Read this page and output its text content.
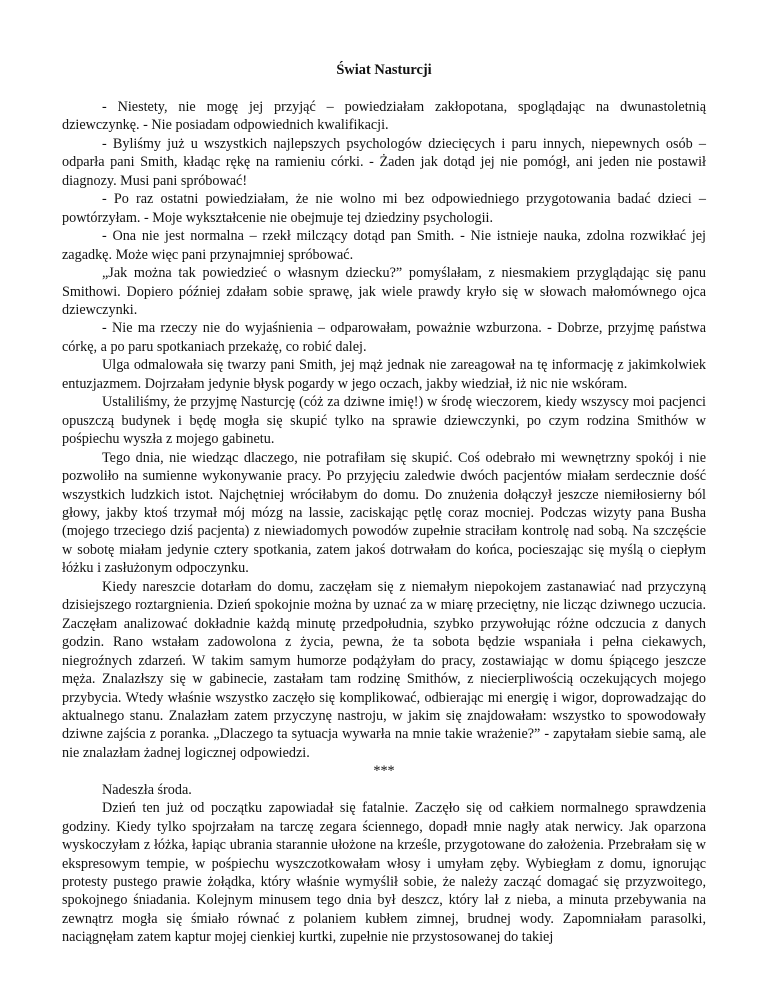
Świat Nasturcji

- Niestety, nie mogę jej przyjąć – powiedziałam zakłopotana, spoglądając na dwunastoletnią dziewczynkę. - Nie posiadam odpowiednich kwalifikacji.

- Byliśmy już u wszystkich najlepszych psychologów dziecięcych i paru innych, niepewnych osób – odparła pani Smith, kładąc rękę na ramieniu córki. - Żaden jak dotąd jej nie pomógł, ani jeden nie postawił diagnozy. Musi pani spróbować!

- Po raz ostatni powiedziałam, że nie wolno mi bez odpowiedniego przygotowania badać dzieci – powtórzyłam. - Moje wykształcenie nie obejmuje tej dziedziny psychologii.

- Ona nie jest normalna – rzekł milczący dotąd pan Smith. - Nie istnieje nauka, zdolna rozwikłać jej zagadkę. Może więc pani przynajmniej spróbować.

„Jak można tak powiedzieć o własnym dziecku?” pomyślałam, z niesmakiem przyglądając się panu Smithowi. Dopiero później zdałam sobie sprawę, jak wiele prawdy kryło się w słowach małomównego ojca dziewczynki.

- Nie ma rzeczy nie do wyjaśnienia – odparowałam, poważnie wzburzona. - Dobrze, przyjmę państwa córkę, a po paru spotkaniach przekażę, co robić dalej.

Ulga odmalowała się twarzy pani Smith, jej mąż jednak nie zareagował na tę informację z jakimkolwiek entuzjazmem. Dojrzałam jedynie błysk pogardy w jego oczach, jakby wiedział, iż nic nie wskóram.

Ustaliliśmy, że przyjmę Nasturcję (cóż za dziwne imię!) w środę wieczorem, kiedy wszyscy moi pacjenci opuszczą budynek i będę mogła się skupić tylko na sprawie dziewczynki, po czym rodzina Smithów w pośpiechu wyszła z mojego gabinetu.

Tego dnia, nie wiedząc dlaczego, nie potrafiłam się skupić. Coś odebrało mi wewnętrzny spokój i nie pozwoliło na sumienne wykonywanie pracy. Po przyjęciu zaledwie dwóch pacjentów miałam serdecznie dość wszystkich ludzkich istot. Najchętniej wróciłabym do domu. Do znużenia dołączył jeszcze niemiłosierny ból głowy, jakby ktoś trzymał mój mózg na lassie, zaciskając pętlę coraz mocniej. Podczas wizyty pana Busha (mojego trzeciego dziś pacjenta) z niewiadomych powodów zupełnie straciłam kontrolę nad sobą. Na szczęście w sobotę miałam jedynie cztery spotkania, zatem jakoś dotrwałam do końca, pocieszając się myślą o ciepłym łóżku i zasłużonym odpoczynku.

Kiedy nareszcie dotarłam do domu, zaczęłam się z niemałym niepokojem zastanawiać nad przyczyną dzisiejszego roztargnienia. Dzień spokojnie można by uznać za w miarę przeciętny, nie licząc dziwnego uczucia. Zaczęłam analizować dokładnie każdą minutę przedpołudnia, szybko przywołując różne odczucia z danych godzin. Rano wstałam zadowolona z życia, pewna, że ta sobota będzie wspaniała i pełna ciekawych, niegroźnych zdarzeń. W takim samym humorze podążyłam do pracy, zostawiając w domu śpiącego jeszcze męża. Znalazłszy się w gabinecie, zastałam tam rodzinę Smithów, z niecierpliwością oczekujących mojego przybycia. Wtedy właśnie wszystko zaczęło się komplikować, odbierając mi energię i wigor, doprowadzając do aktualnego stanu. Znalazłam zatem przyczynę nastroju, w jakim się znajdowałam: wszystko to spowodowały dziwne zajścia z poranka. „Dlaczego ta sytuacja wywarła na mnie takie wrażenie?” - zapytałam siebie samą, ale nie znalazłam żadnej logicznej odpowiedzi.

***

Nadeszła środa.

Dzień ten już od początku zapowiadał się fatalnie. Zaczęło się od całkiem normalnego sprawdzenia godziny. Kiedy tylko spojrzałam na tarczę zegara ściennego, dopadł mnie nagły atak nerwicy. Jak oparzona wyskoczyłam z łóżka, łapiąc ubrania starannie ułożone na krześle, przygotowane do założenia. Przebrałam się w ekspresowym tempie, w pośpiechu wyszczotkowałam włosy i umyłam zęby. Wybiegłam z domu, ignorując protesty pustego prawie żołądka, który właśnie wymyślił sobie, że należy zacząć domagać się przyzwoitego, spokojnego śniadania. Kolejnym minusem tego dnia był deszcz, który lał z nieba, a minuta przebywania na zewnątrz mogła się śmiało równać z polaniem kubłem zimnej, brudnej wody. Zapomniałam parasolki, naciągnęłam zatem kaptur mojej cienkiej kurtki, zupełnie nie przystosowanej do takiej
